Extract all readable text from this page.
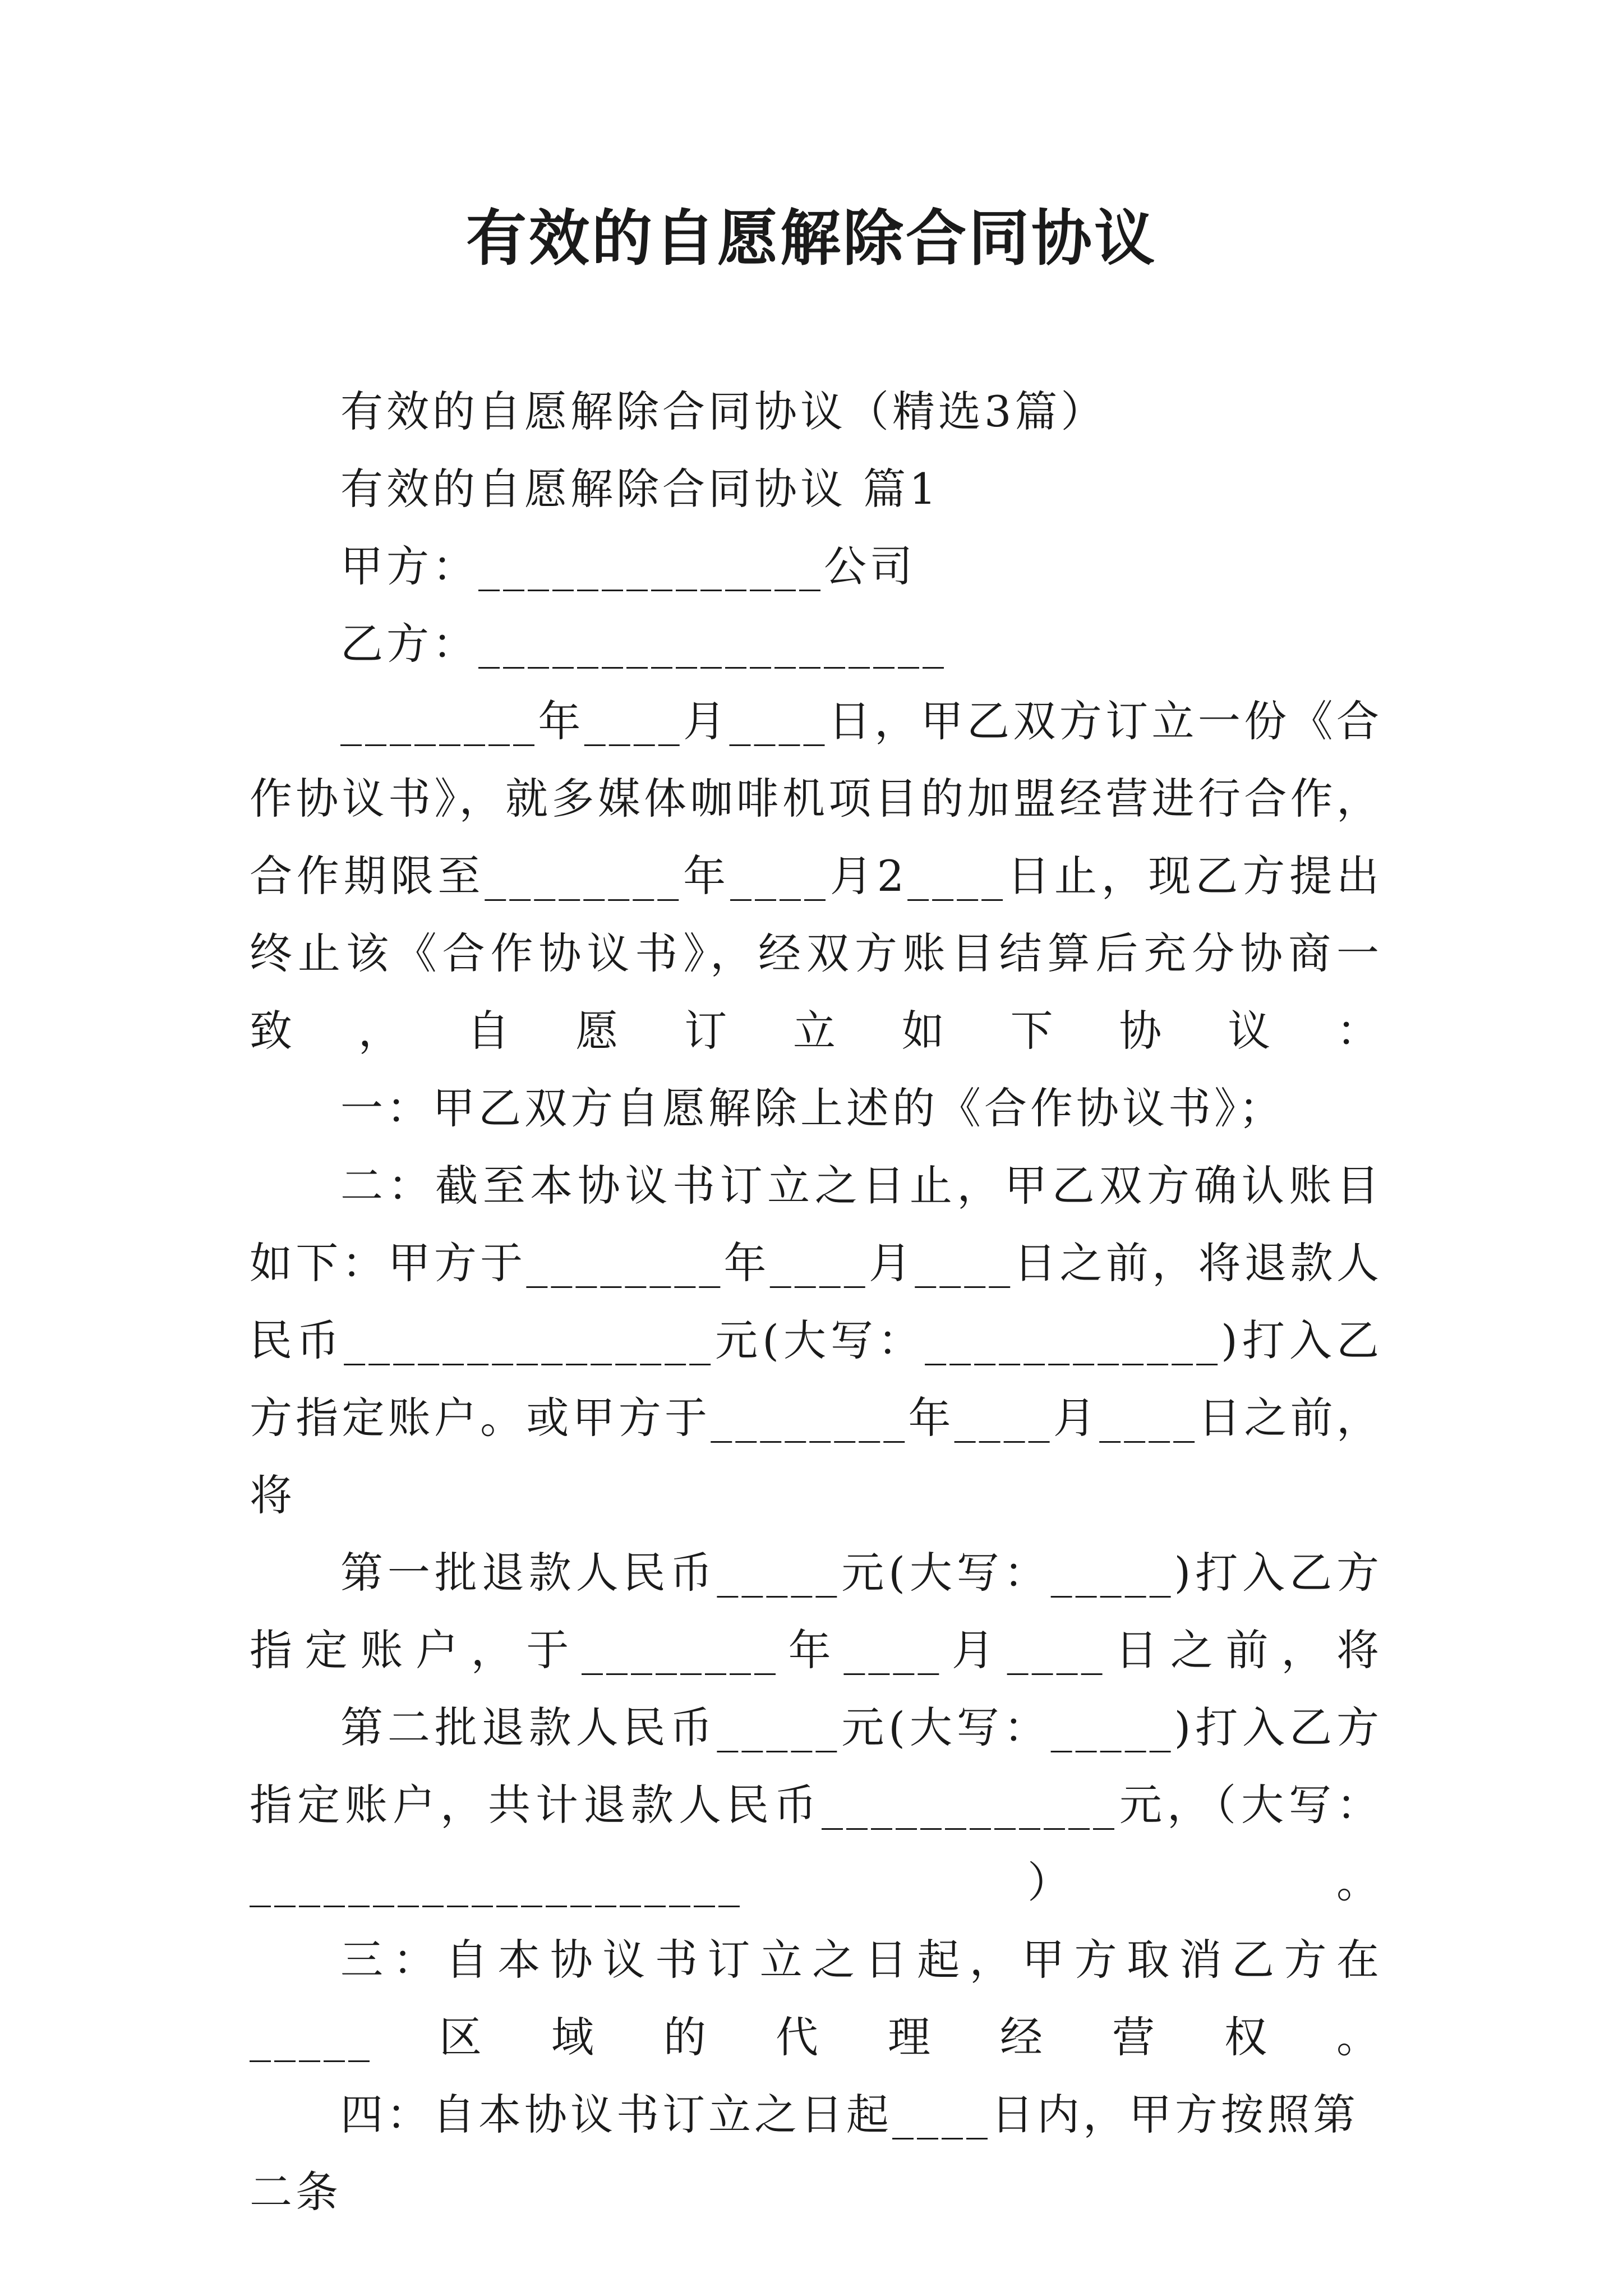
有效的自愿解除合同协议

有效的自愿解除合同协议（精选3篇）

有效的自愿解除合同协议 篇1

甲方：______________公司

乙方：___________________

________年____月____日，甲乙双方订立一份《合作协议书》，就多媒体咖啡机项目的加盟经营进行合作，合作期限至________年____月2____日止，现乙方提出终止该《合作协议书》，经双方账目结算后充分协商一致，自愿订立如下协议：

一：甲乙双方自愿解除上述的《合作协议书》；

二：截至本协议书订立之日止，甲乙双方确认账目如下：甲方于________年____月____日之前，将退款人民币_______________元(大写：____________)打入乙方指定账户。或甲方于________年____月____日之前，将

第一批退款人民币_____元(大写：_____)打入乙方指定账户，于________年____月____日之前，将

第二批退款人民币_____元(大写：_____)打入乙方指定账户，共计退款人民币____________元，（大写：____________________）。

三：自本协议书订立之日起，甲方取消乙方在_____区域的代理经营权。

四：自本协议书订立之日起____日内，甲方按照第二条
